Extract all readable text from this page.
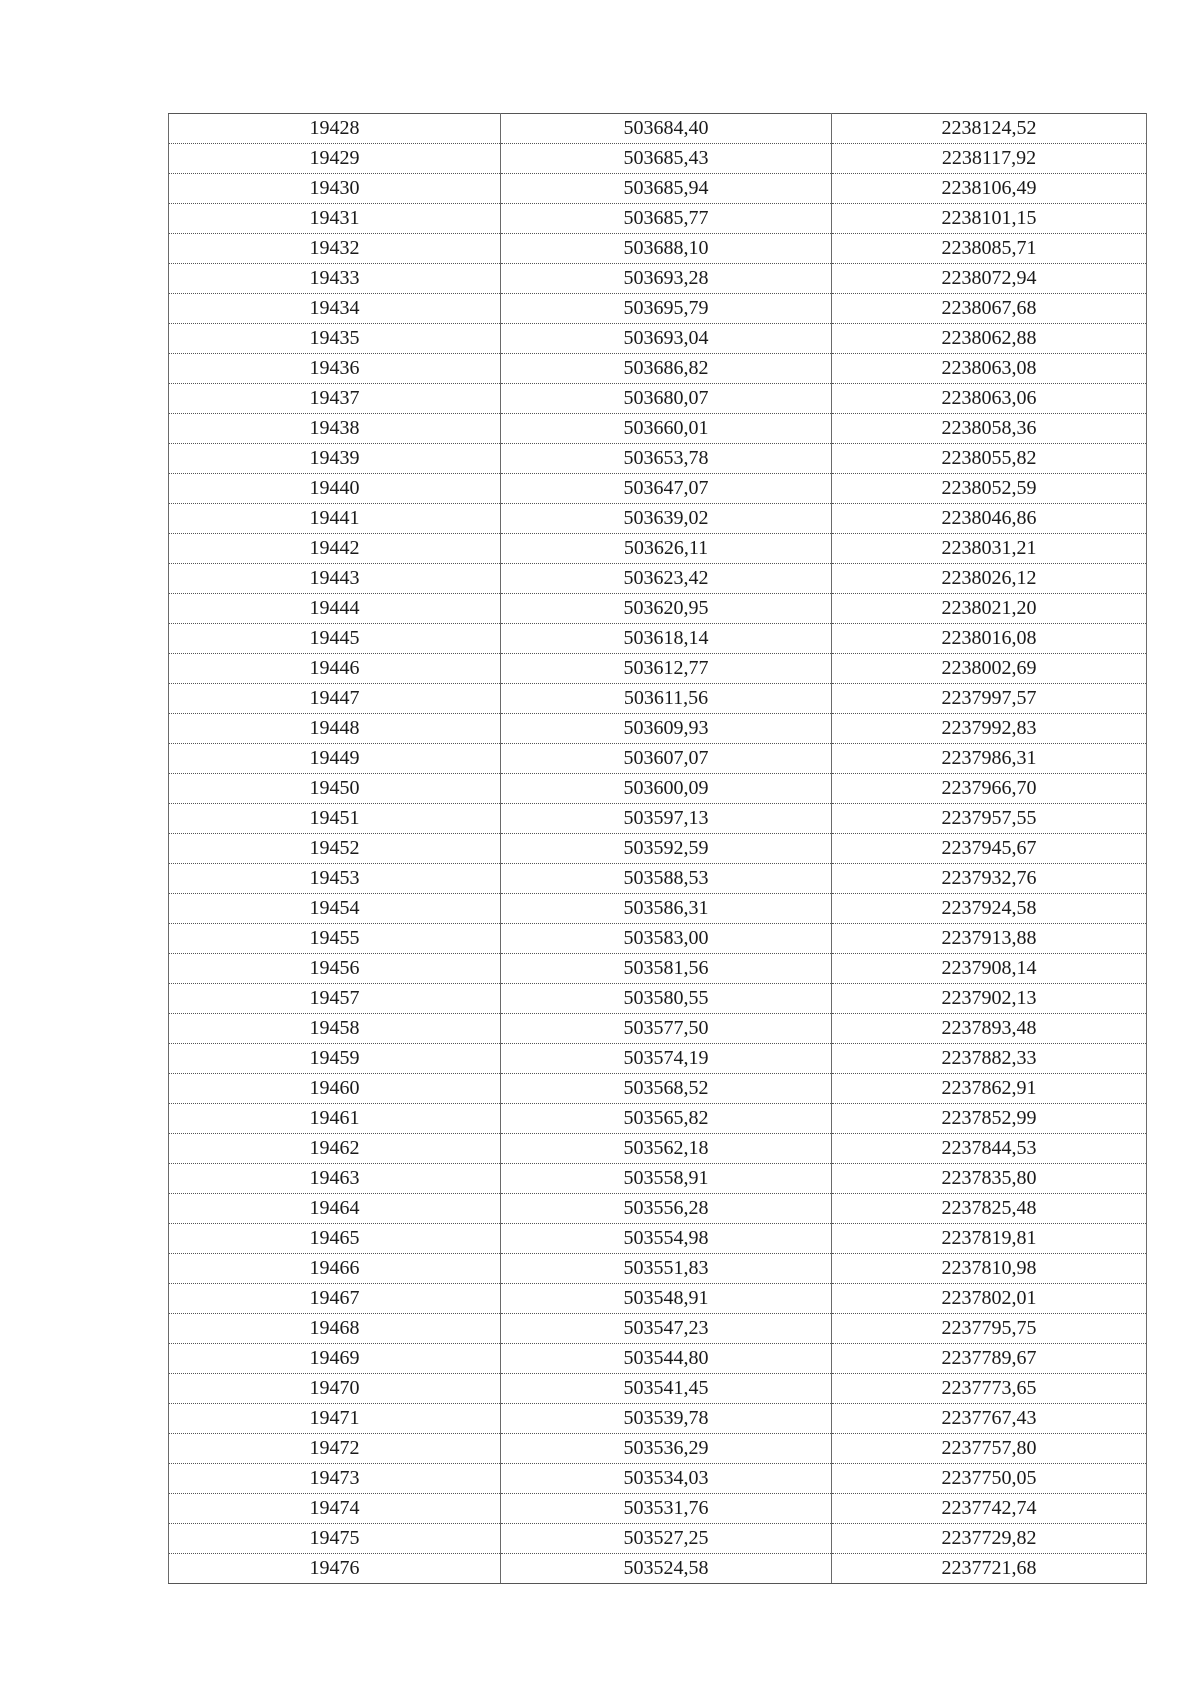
19428	503684,40	2238124,52
19429	503685,43	2238117,92
19430	503685,94	2238106,49
19431	503685,77	2238101,15
19432	503688,10	2238085,71
19433	503693,28	2238072,94
19434	503695,79	2238067,68
19435	503693,04	2238062,88
19436	503686,82	2238063,08
19437	503680,07	2238063,06
19438	503660,01	2238058,36
19439	503653,78	2238055,82
19440	503647,07	2238052,59
19441	503639,02	2238046,86
19442	503626,11	2238031,21
19443	503623,42	2238026,12
19444	503620,95	2238021,20
19445	503618,14	2238016,08
19446	503612,77	2238002,69
19447	503611,56	2237997,57
19448	503609,93	2237992,83
19449	503607,07	2237986,31
19450	503600,09	2237966,70
19451	503597,13	2237957,55
19452	503592,59	2237945,67
19453	503588,53	2237932,76
19454	503586,31	2237924,58
19455	503583,00	2237913,88
19456	503581,56	2237908,14
19457	503580,55	2237902,13
19458	503577,50	2237893,48
19459	503574,19	2237882,33
19460	503568,52	2237862,91
19461	503565,82	2237852,99
19462	503562,18	2237844,53
19463	503558,91	2237835,80
19464	503556,28	2237825,48
19465	503554,98	2237819,81
19466	503551,83	2237810,98
19467	503548,91	2237802,01
19468	503547,23	2237795,75
19469	503544,80	2237789,67
19470	503541,45	2237773,65
19471	503539,78	2237767,43
19472	503536,29	2237757,80
19473	503534,03	2237750,05
19474	503531,76	2237742,74
19475	503527,25	2237729,82
19476	503524,58	2237721,68
